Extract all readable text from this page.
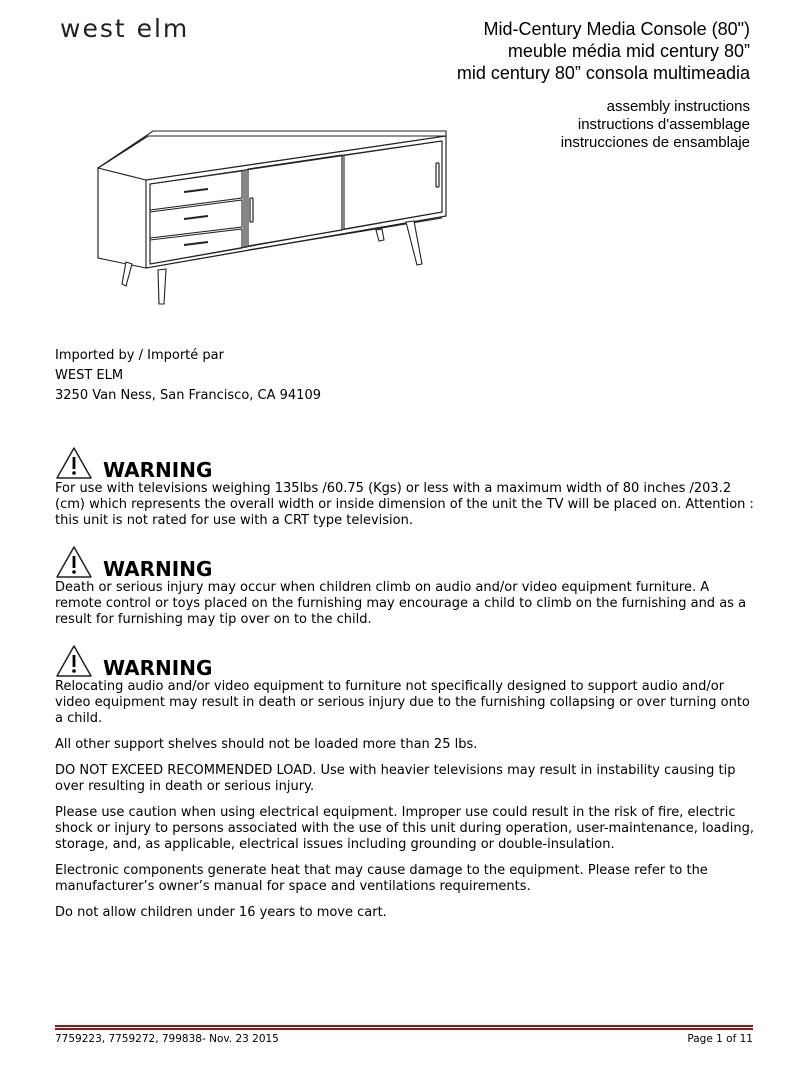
west elm	Mid-Century Media Console (80")
meuble média mid century 80”
mid century 80” consola multimeadia
assembly instructions
instructions d'assemblage
instrucciones de ensamblaje
Imported by / Importé par
WEST ELM
3250 Van Ness, San Francisco, CA 94109
WARNING
For use with televisions weighing 135lbs /60.75 (Kgs) or less with a maximum width of 80 inches /203.2 (cm) which represents the overall width or inside dimension of the unit the TV will be placed on. Attention : this unit is not rated for use with a CRT type television.
WARNING
Death or serious injury may occur when children climb on audio and/or video equipment furniture. A remote control or toys placed on the furnishing may encourage a child to climb on the furnishing and as a result for furnishing may tip over on to the child.
WARNING
Relocating audio and/or video equipment to furniture not specifically designed to support audio and/or video equipment may result in death or serious injury due to the furnishing collapsing or over turning onto a child.

All other support shelves should not be loaded more than 25 lbs.

DO NOT EXCEED RECOMMENDED LOAD. Use with heavier televisions may result in instability causing tip over resulting in death or serious injury.

Please use caution when using electrical equipment. Improper use could result in the risk of fire, electric shock or injury to persons associated with the use of this unit during operation, user-maintenance, loading, storage, and, as applicable, electrical issues including grounding or double-insulation.

Electronic components generate heat that may cause damage to the equipment. Please refer to the manufacturer’s owner’s manual for space and ventilations requirements.

Do not allow children under 16 years to move cart.

7759223, 7759272, 799838- Nov. 23 2015	Page 1 of 11
